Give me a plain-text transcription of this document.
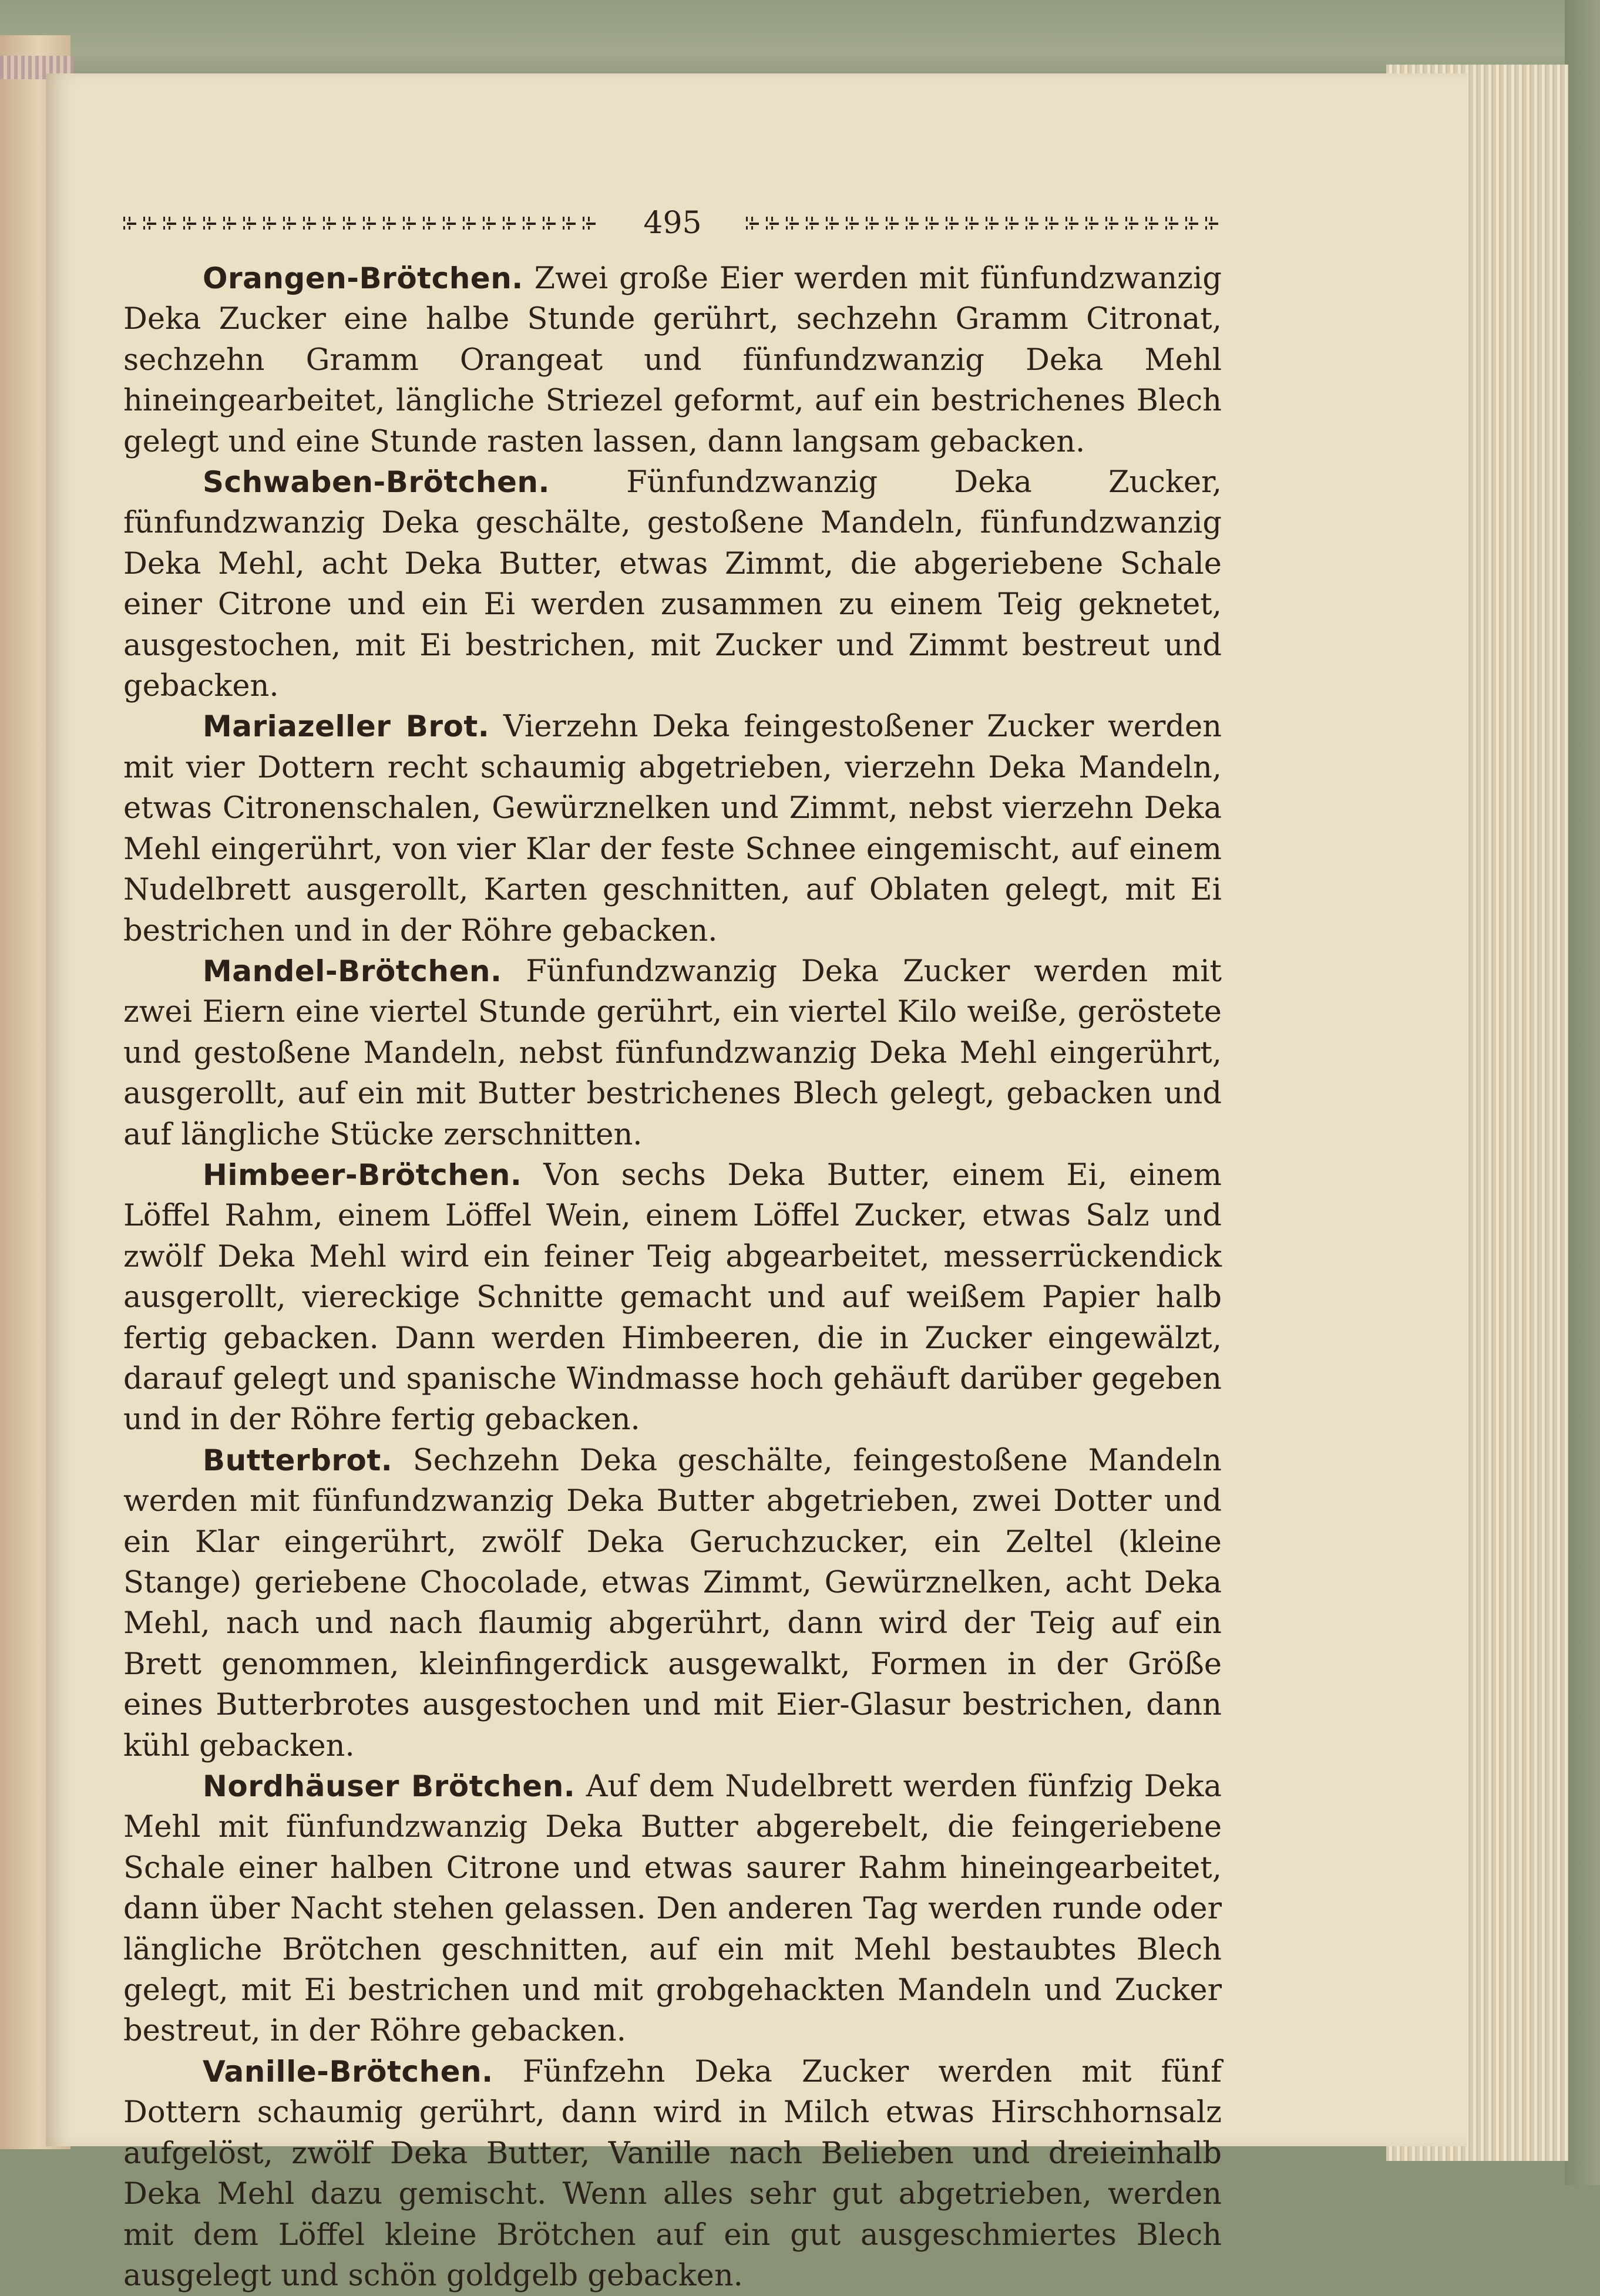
495

Orangen-Brötchen. Zwei große Eier werden mit fünfundzwanzig Deka Zucker eine halbe Stunde gerührt, sechzehn Gramm Citronat, sechzehn Gramm Orangeat und fünfundzwanzig Deka Mehl hineingearbeitet, längliche Striezel geformt, auf ein bestrichenes Blech gelegt und eine Stunde rasten lassen, dann langsam gebacken.

Schwaben-Brötchen. Fünfundzwanzig Deka Zucker, fünfundzwanzig Deka geschälte, gestoßene Mandeln, fünfundzwanzig Deka Mehl, acht Deka Butter, etwas Zimmt, die abgeriebene Schale einer Citrone und ein Ei werden zusammen zu einem Teig geknetet, ausgestochen, mit Ei bestrichen, mit Zucker und Zimmt bestreut und gebacken.

Mariazeller Brot. Vierzehn Deka feingestoßener Zucker werden mit vier Dottern recht schaumig abgetrieben, vierzehn Deka Mandeln, etwas Citronenschalen, Gewürznelken und Zimmt, nebst vierzehn Deka Mehl eingerührt, von vier Klar der feste Schnee eingemischt, auf einem Nudelbrett ausgerollt, Karten geschnitten, auf Oblaten gelegt, mit Ei bestrichen und in der Röhre gebacken.

Mandel-Brötchen. Fünfundzwanzig Deka Zucker werden mit zwei Eiern eine viertel Stunde gerührt, ein viertel Kilo weiße, geröstete und gestoßene Mandeln, nebst fünfundzwanzig Deka Mehl eingerührt, ausgerollt, auf ein mit Butter bestrichenes Blech gelegt, gebacken und auf längliche Stücke zerschnitten.

Himbeer-Brötchen. Von sechs Deka Butter, einem Ei, einem Löffel Rahm, einem Löffel Wein, einem Löffel Zucker, etwas Salz und zwölf Deka Mehl wird ein feiner Teig abgearbeitet, messerrückendick ausgerollt, viereckige Schnitte gemacht und auf weißem Papier halb fertig gebacken. Dann werden Himbeeren, die in Zucker eingewälzt, darauf gelegt und spanische Windmasse hoch gehäuft darüber gegeben und in der Röhre fertig gebacken.

Butterbrot. Sechzehn Deka geschälte, feingestoßene Mandeln werden mit fünfundzwanzig Deka Butter abgetrieben, zwei Dotter und ein Klar eingerührt, zwölf Deka Geruchzucker, ein Zeltel (kleine Stange) geriebene Chocolade, etwas Zimmt, Gewürznelken, acht Deka Mehl, nach und nach flaumig abgerührt, dann wird der Teig auf ein Brett genommen, kleinfingerdick ausgewalkt, Formen in der Größe eines Butterbrotes ausgestochen und mit Eier-Glasur bestrichen, dann kühl gebacken.

Nordhäuser Brötchen. Auf dem Nudelbrett werden fünfzig Deka Mehl mit fünfundzwanzig Deka Butter abgerebelt, die feingeriebene Schale einer halben Citrone und etwas saurer Rahm hineingearbeitet, dann über Nacht stehen gelassen. Den anderen Tag werden runde oder längliche Brötchen geschnitten, auf ein mit Mehl bestaubtes Blech gelegt, mit Ei bestrichen und mit grobgehackten Mandeln und Zucker bestreut, in der Röhre gebacken.

Vanille-Brötchen. Fünfzehn Deka Zucker werden mit fünf Dottern schaumig gerührt, dann wird in Milch etwas Hirschhornsalz aufgelöst, zwölf Deka Butter, Vanille nach Belieben und dreieinhalb Deka Mehl dazu gemischt. Wenn alles sehr gut abgetrieben, werden mit dem Löffel kleine Brötchen auf ein gut ausgeschmiertes Blech ausgelegt und schön goldgelb gebacken.
